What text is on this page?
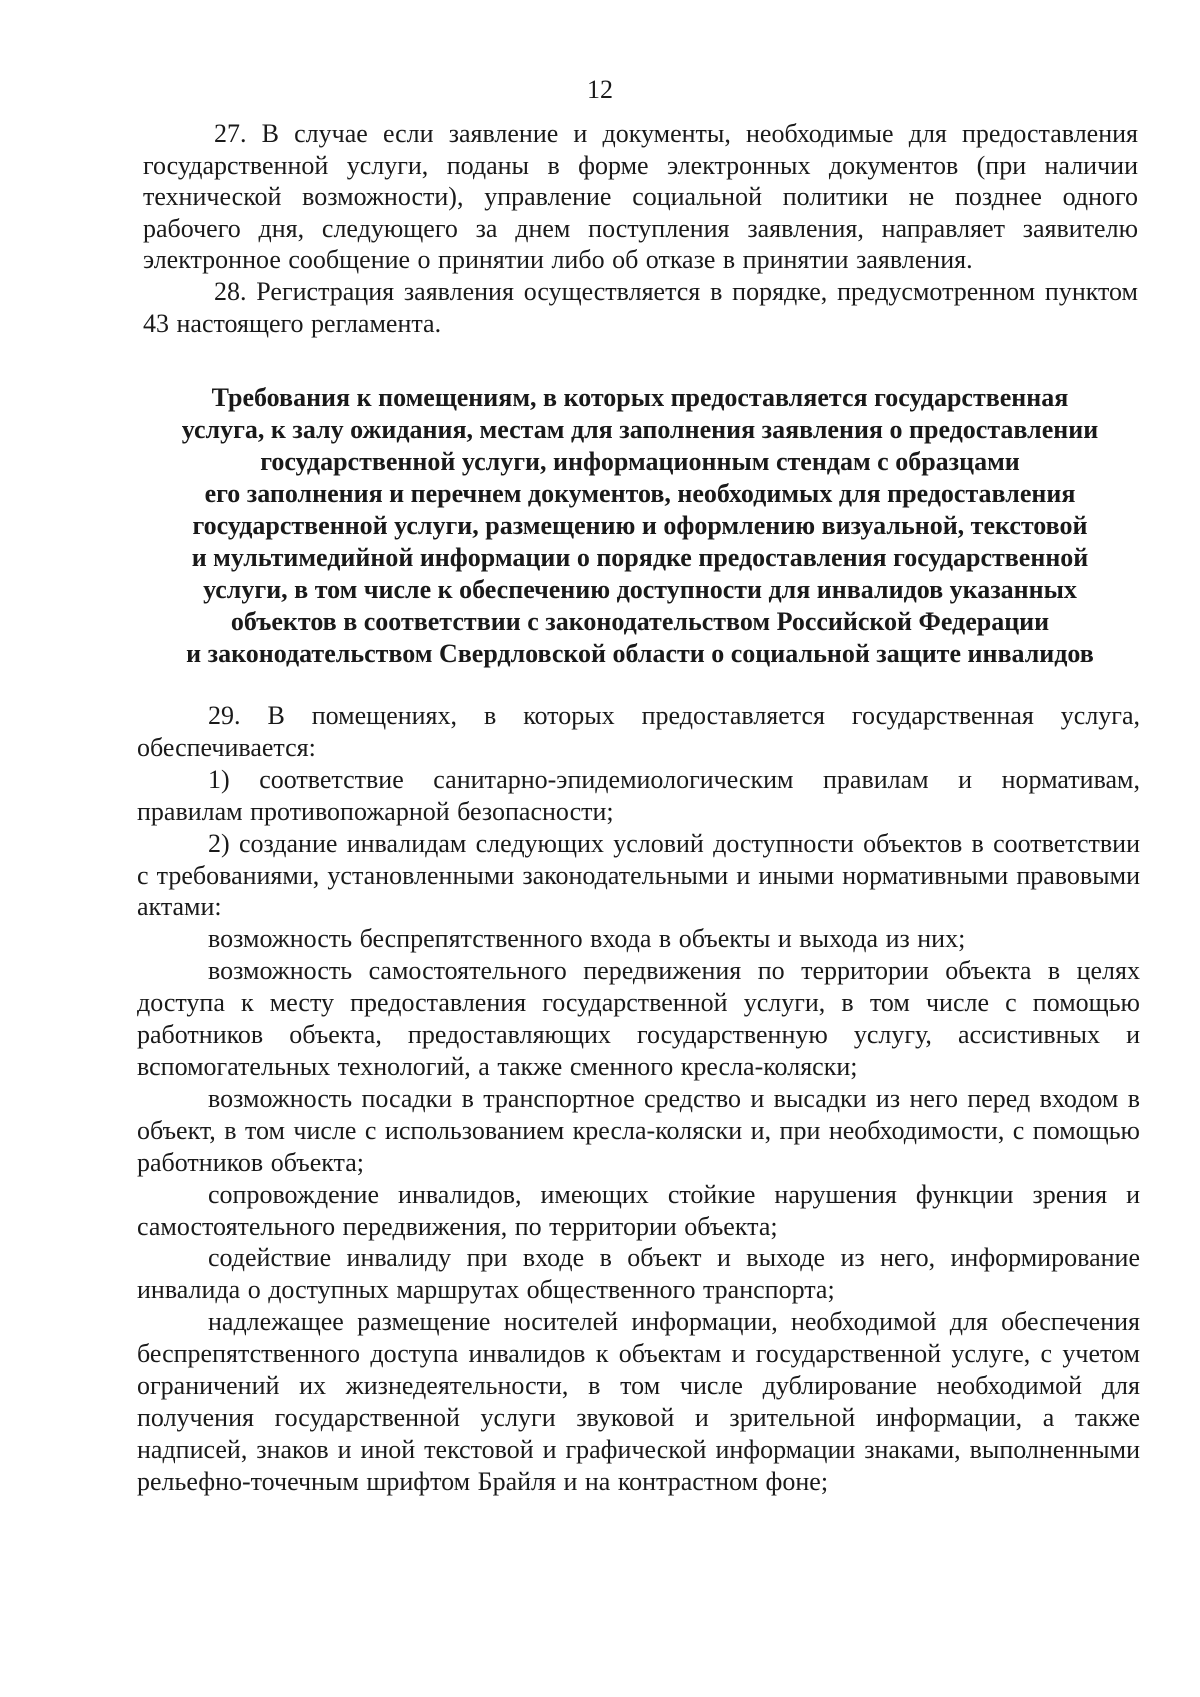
12

27. В случае если заявление и документы, необходимые для предоставления государственной услуги, поданы в форме электронных документов (при наличии технической возможности), управление социальной политики не позднее одного рабочего дня, следующего за днем поступления заявления, направляет заявителю электронное сообщение о принятии либо об отказе в принятии заявления.

28. Регистрация заявления осуществляется в порядке, предусмотренном пунктом 43 настоящего регламента.

Требования к помещениям, в которых предоставляется государственная
услуга, к залу ожидания, местам для заполнения заявления о предоставлении
государственной услуги, информационным стендам с образцами
его заполнения и перечнем документов, необходимых для предоставления
государственной услуги, размещению и оформлению визуальной, текстовой
и мультимедийной информации о порядке предоставления государственной
услуги, в том числе к обеспечению доступности для инвалидов указанных
объектов в соответствии с законодательством Российской Федерации
и законодательством Свердловской области о социальной защите инвалидов

29. В помещениях, в которых предоставляется государственная услуга, обеспечивается:

1) соответствие санитарно-эпидемиологическим правилам и нормативам, правилам противопожарной безопасности;

2) создание инвалидам следующих условий доступности объектов в соответствии с требованиями, установленными законодательными и иными нормативными правовыми актами:

возможность беспрепятственного входа в объекты и выхода из них;

возможность самостоятельного передвижения по территории объекта в целях доступа к месту предоставления государственной услуги, в том числе с помощью работников объекта, предоставляющих государственную услугу, ассистивных и вспомогательных технологий, а также сменного кресла-коляски;

возможность посадки в транспортное средство и высадки из него перед входом в объект, в том числе с использованием кресла-коляски и, при необходимости, с помощью работников объекта;

сопровождение инвалидов, имеющих стойкие нарушения функции зрения и самостоятельного передвижения, по территории объекта;

содействие инвалиду при входе в объект и выходе из него, информирование инвалида о доступных маршрутах общественного транспорта;

надлежащее размещение носителей информации, необходимой для обеспечения беспрепятственного доступа инвалидов к объектам и государственной услуге, с учетом ограничений их жизнедеятельности, в том числе дублирование необходимой для получения государственной услуги звуковой и зрительной информации, а также надписей, знаков и иной текстовой и графической информации знаками, выполненными рельефно-точечным шрифтом Брайля и на контрастном фоне;
